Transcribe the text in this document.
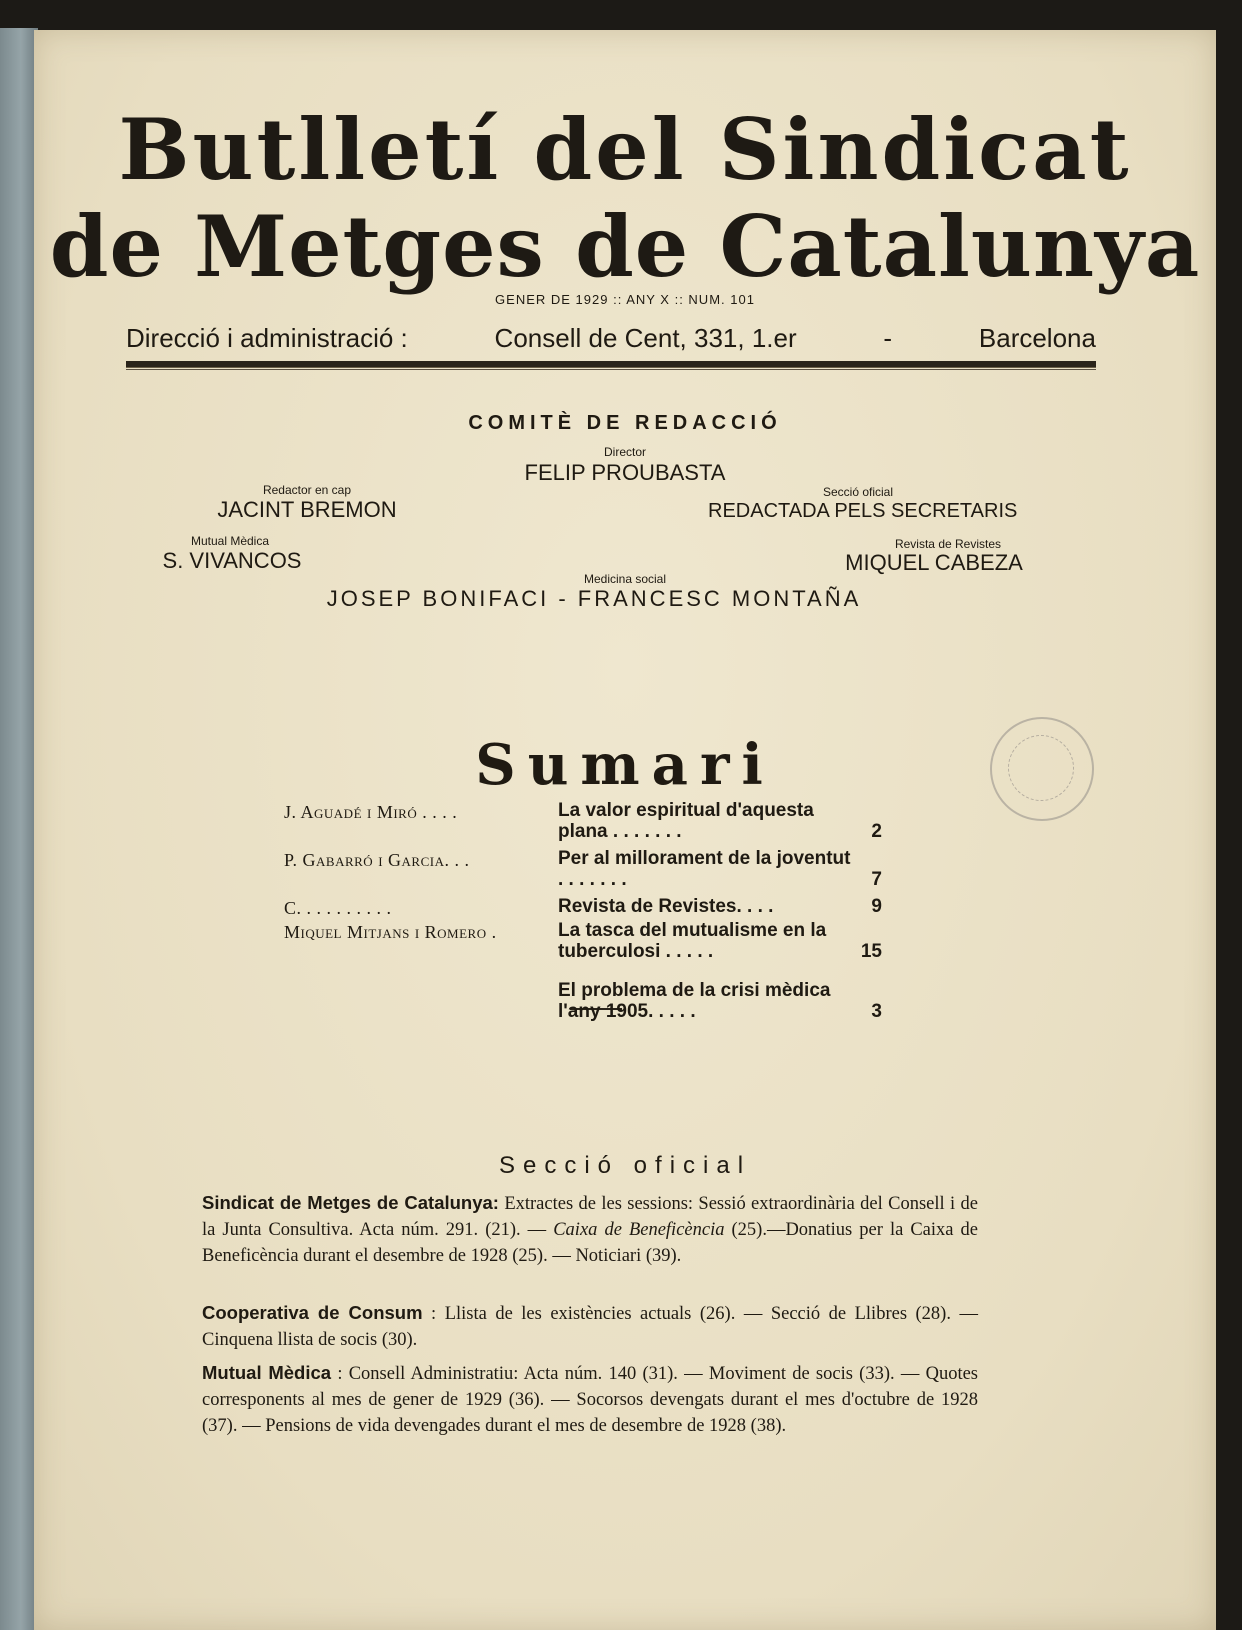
Butlletí del Sindicat
de Metges de Catalunya
GENER DE 1929 :: ANY X :: NUM. 101
Direcció i administració :	Consell de Cent, 331, 1.er	-	Barcelona
COMITÈ DE REDACCIÓ
Director
FELIP PROUBASTA
Redactor en cap
JACINT BREMON
Secció oficial
REDACTADA PELS SECRETARIS
Mutual Mèdica
S. VIVANCOS
Revista de Revistes
MIQUEL CABEZA
Medicina social
JOSEP BONIFACI - FRANCESC MONTAÑA
Sumari
J. Aguadé i Miró . . . .	La valor espiritual d'aquesta plana . . . . . . .	2
P. Gabarró i Garcia. . .	Per al millorament de la joventut . . . . . . .	7
C. . . . . . . . . .	Revista de Revistes. . . .	9
Miquel Mitjans i Romero .	La tasca del mutualisme en la tuberculosi . . . . .	15
El problema de la crisi mèdica l'any 1905. . . . .	3
Secció oficial
Sindicat de Metges de Catalunya: Extractes de les sessions: Sessió extraordinària del Consell i de la Junta Consultiva. Acta núm. 291. (21). — Caixa de Beneficència (25).—Donatius per la Caixa de Beneficència durant el desembre de 1928 (25). — Noticiari (39).
Cooperativa de Consum : Llista de les existències actuals (26). — Secció de Llibres (28). — Cinquena llista de socis (30).
Mutual Mèdica : Consell Administratiu: Acta núm. 140 (31). — Moviment de socis (33). — Quotes corresponents al mes de gener de 1929 (36). — Socorsos devengats durant el mes d'octubre de 1928 (37). — Pensions de vida devengades durant el mes de desembre de 1928 (38).
